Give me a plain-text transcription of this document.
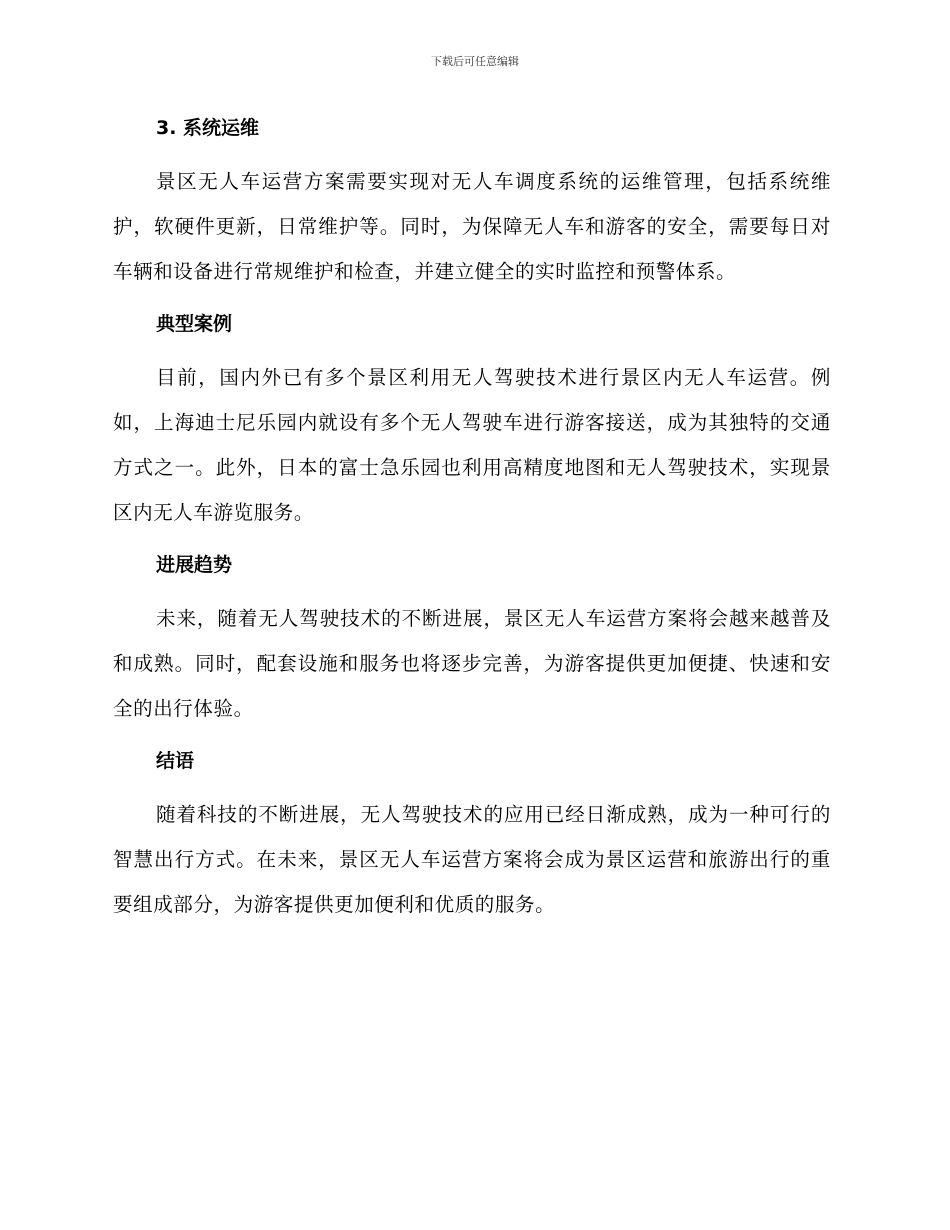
下载后可任意编辑
3. 系统运维

景区无人车运营方案需要实现对无人车调度系统的运维管理，包括系统维护，软硬件更新，日常维护等。同时，为保障无人车和游客的安全，需要每日对车辆和设备进行常规维护和检查，并建立健全的实时监控和预警体系。

典型案例

目前，国内外已有多个景区利用无人驾驶技术进行景区内无人车运营。例如，上海迪士尼乐园内就设有多个无人驾驶车进行游客接送，成为其独特的交通方式之一。此外，日本的富士急乐园也利用高精度地图和无人驾驶技术，实现景区内无人车游览服务。

进展趋势

未来，随着无人驾驶技术的不断进展，景区无人车运营方案将会越来越普及和成熟。同时，配套设施和服务也将逐步完善，为游客提供更加便捷、快速和安全的出行体验。

结语

随着科技的不断进展，无人驾驶技术的应用已经日渐成熟，成为一种可行的智慧出行方式。在未来，景区无人车运营方案将会成为景区运营和旅游出行的重要组成部分，为游客提供更加便利和优质的服务。
